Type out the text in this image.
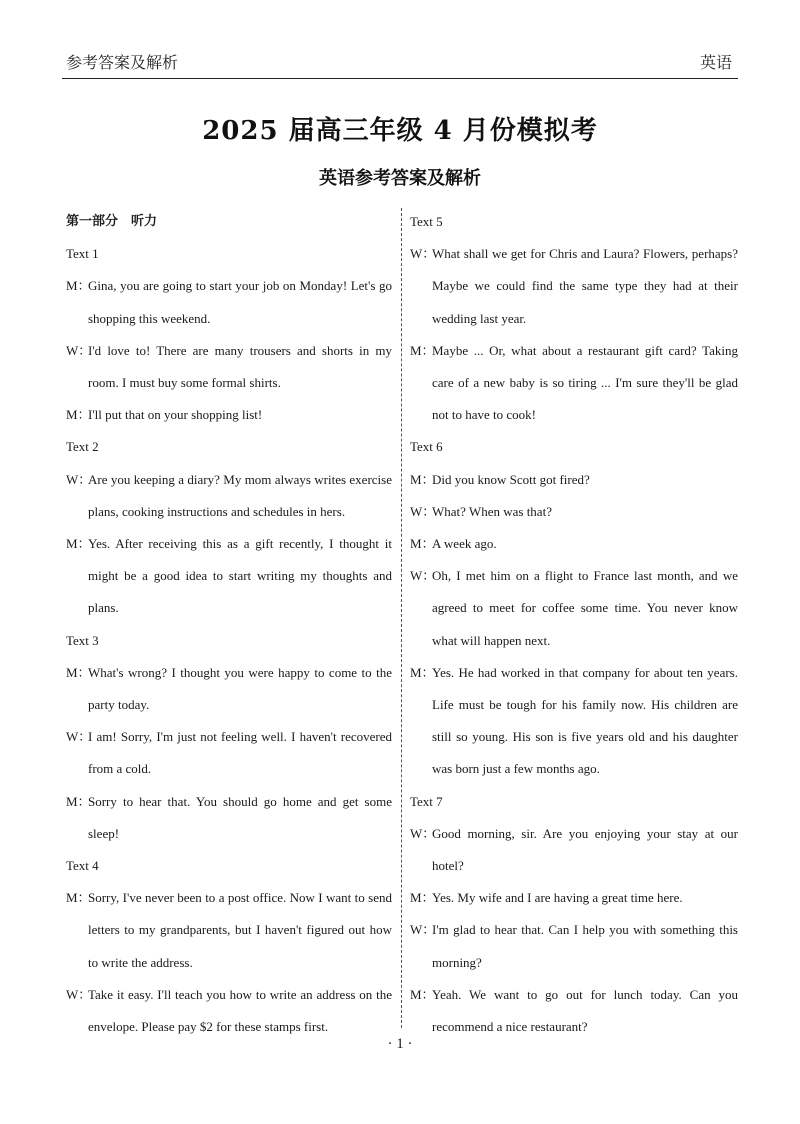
参考答案及解析	英语
2025 届高三年级 4 月份模拟考
英语参考答案及解析
第一部分　听力
Text 1
M：Gina, you are going to start your job on Monday! Let's go shopping this weekend.
W：I'd love to! There are many trousers and shorts in my room. I must buy some formal shirts.
M：I'll put that on your shopping list!
Text 2
W：Are you keeping a diary? My mom always writes exercise plans, cooking instructions and schedules in hers.
M：Yes. After receiving this as a gift recently, I thought it might be a good idea to start writing my thoughts and plans.
Text 3
M：What's wrong? I thought you were happy to come to the party today.
W：I am! Sorry, I'm just not feeling well. I haven't recovered from a cold.
M：Sorry to hear that. You should go home and get some sleep!
Text 4
M：Sorry, I've never been to a post office. Now I want to send letters to my grandparents, but I haven't figured out how to write the address.
W：Take it easy. I'll teach you how to write an address on the envelope. Please pay $2 for these stamps first.
Text 5
W：What shall we get for Chris and Laura? Flowers, perhaps? Maybe we could find the same type they had at their wedding last year.
M：Maybe ... Or, what about a restaurant gift card? Taking care of a new baby is so tiring ... I'm sure they'll be glad not to have to cook!
Text 6
M：Did you know Scott got fired?
W：What? When was that?
M：A week ago.
W：Oh, I met him on a flight to France last month, and we agreed to meet for coffee some time. You never know what will happen next.
M：Yes. He had worked in that company for about ten years. Life must be tough for his family now. His children are still so young. His son is five years old and his daughter was born just a few months ago.
Text 7
W：Good morning, sir. Are you enjoying your stay at our hotel?
M：Yes. My wife and I are having a great time here.
W：I'm glad to hear that. Can I help you with something this morning?
M：Yeah. We want to go out for lunch today. Can you recommend a nice restaurant?
· 1 ·
